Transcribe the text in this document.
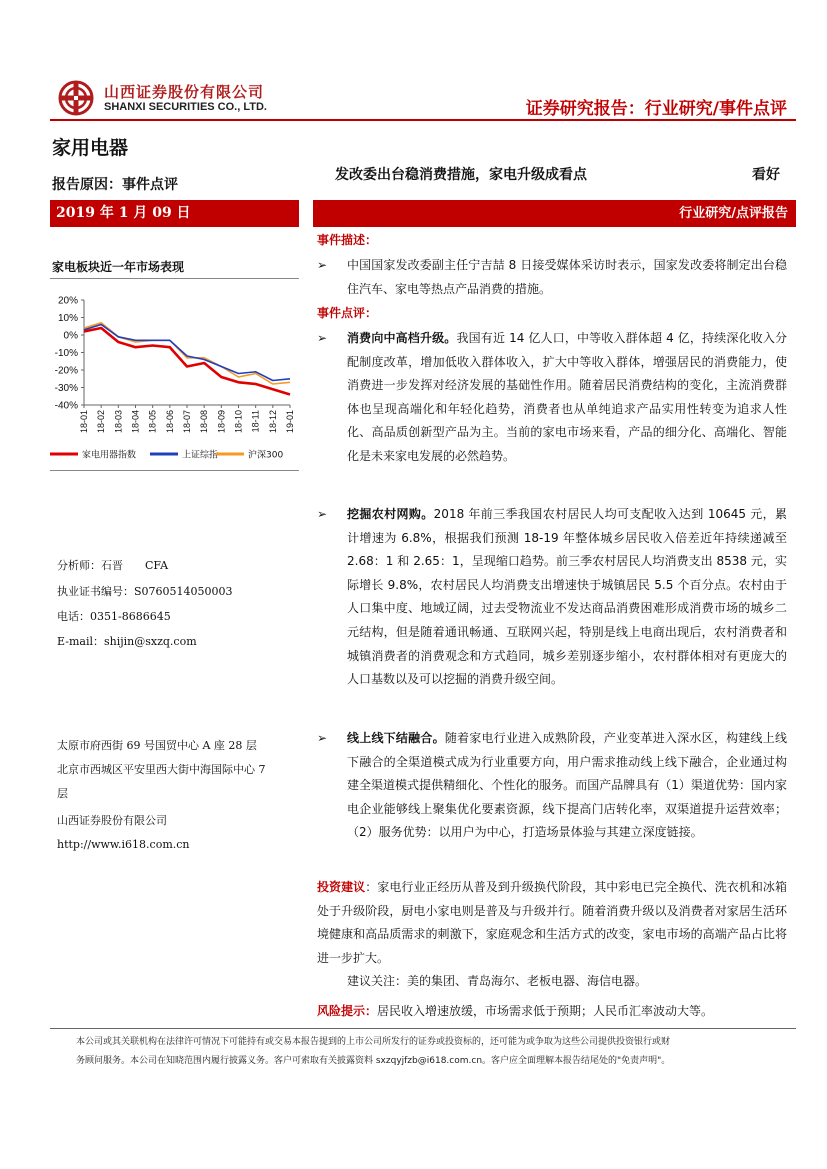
山西证券股份有限公司
SHANXI SECURITIES CO., LTD.	证券研究报告：行业研究/事件点评
家用电器
报告原因：事件点评
发改委出台稳消费措施，家电升级成看点	看好
2019 年 1 月 09 日	行业研究/点评报告
家电板块近一年市场表现
20%
10%
0%
-10%
-20%
-30%
-40%
18-01 18-02 18-03 18-04 18-05 18-06 18-07 18-08 18-09 18-10 18-11 18-12 19-01
家电用器指数	上证综指	沪深300
分析师：石晋　　CFA
执业证书编号：S0760514050003
电话：0351-8686645
E-mail：shijin@sxzq.com
太原市府西街 69 号国贸中心 A 座 28 层
北京市西城区平安里西大街中海国际中心 7
层
山西证券股份有限公司
http://www.i618.com.cn
事件描述：
➢ 中国国家发改委副主任宁吉喆 8 日接受媒体采访时表示，国家发改委将制定出台稳住汽车、家电等热点产品消费的措施。
事件点评：
➢ 消费向中高档升级。我国有近 14 亿人口，中等收入群体超 4 亿，持续深化收入分配制度改革，增加低收入群体收入，扩大中等收入群体，增强居民的消费能力，使消费进一步发挥对经济发展的基础性作用。随着居民消费结构的变化，主流消费群体也呈现高端化和年轻化趋势，消费者也从单纯追求产品实用性转变为追求人性化、高品质创新型产品为主。当前的家电市场来看，产品的细分化、高端化、智能化是未来家电发展的必然趋势。
➢ 挖掘农村网购。2018 年前三季我国农村居民人均可支配收入达到 10645 元，累计增速为 6.8%，根据我们预测 18-19 年整体城乡居民收入倍差近年持续递减至 2.68：1 和 2.65：1，呈现缩口趋势。前三季农村居民人均消费支出 8538 元，实际增长 9.8%，农村居民人均消费支出增速快于城镇居民 5.5 个百分点。农村由于人口集中度、地域辽阔，过去受物流业不发达商品消费困难形成消费市场的城乡二元结构，但是随着通讯畅通、互联网兴起，特别是线上电商出现后，农村消费者和城镇消费者的消费观念和方式趋同，城乡差别逐步缩小，农村群体相对有更庞大的人口基数以及可以挖掘的消费升级空间。
➢ 线上线下结融合。随着家电行业进入成熟阶段，产业变革进入深水区，构建线上线下融合的全渠道模式成为行业重要方向，用户需求推动线上线下融合，企业通过构建全渠道模式提供精细化、个性化的服务。而国产品牌具有（1）渠道优势：国内家电企业能够线上聚集优化要素资源，线下提高门店转化率，双渠道提升运营效率；（2）服务优势：以用户为中心，打造场景体验与其建立深度链接。
投资建议：家电行业正经历从普及到升级换代阶段，其中彩电已完全换代、洗衣机和冰箱处于升级阶段，厨电小家电则是普及与升级并行。随着消费升级以及消费者对家居生活环境健康和高品质需求的刺激下，家庭观念和生活方式的改变，家电市场的高端产品占比将进一步扩大。
建议关注：美的集团、青岛海尔、老板电器、海信电器。
风险提示：居民收入增速放缓，市场需求低于预期；人民币汇率波动大等。
本公司或其关联机构在法律许可情况下可能持有或交易本报告提到的上市公司所发行的证券或投资标的，还可能为或争取为这些公司提供投资银行或财
务顾问服务。本公司在知晓范围内履行披露义务。客户可索取有关披露资料 sxzqyjfzb@i618.com.cn。客户应全面理解本报告结尾处的"免责声明"。
